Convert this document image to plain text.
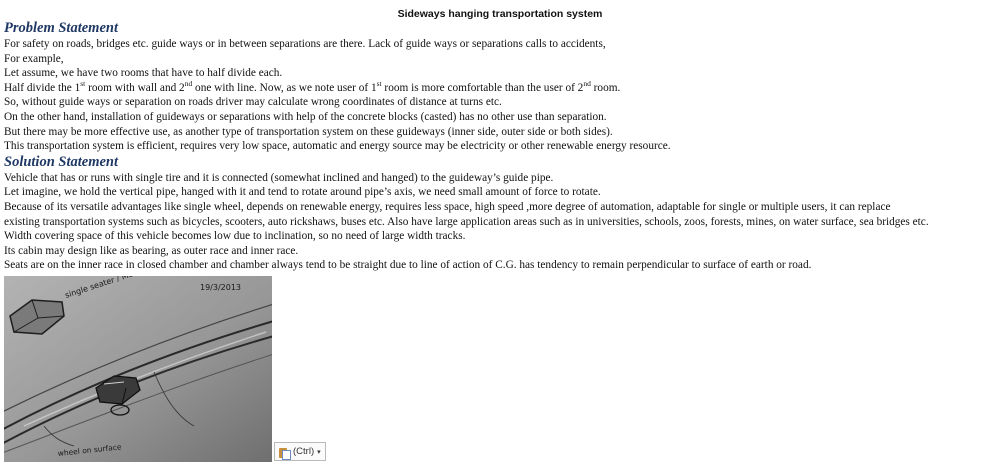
Sideways hanging transportation system
Problem Statement
For safety on roads, bridges etc. guide ways or in between separations are there. Lack of guide ways or separations calls to accidents,
For example,
Let assume, we have two rooms that have to half divide each.
Half divide the 1st room with wall and 2nd one with line. Now, as we note user of 1st room is more comfortable than the user of 2nd room.
So, without guide ways or separation on roads driver may calculate wrong coordinates of distance at turns etc.
On the other hand, installation of guideways or separations with help of the concrete blocks (casted) has no other use than separation.
But there may be more effective use, as another type of transportation system on these guideways (inner side, outer side or both sides).
This transportation system is efficient, requires very low space, automatic and energy source may be electricity or other renewable energy resource.
Solution Statement
Vehicle that has or runs with single tire and it is connected (somewhat inclined and hanged) to the guideway’s guide pipe.
Let imagine, we hold the vertical pipe, hanged with it and tend to rotate around pipe’s axis, we need small amount of force to rotate.
Because of its versatile advantages like single wheel, depends on renewable energy, requires less space, high speed ,more degree of automation, adaptable for single or multiple users, it can replace
existing transportation systems such as bicycles, scooters, auto rickshaws, buses etc. Also have large application areas such as in universities, schools, zoos, forests, mines, on water surface, sea bridges etc.
Width covering space of this vehicle becomes low due to inclination, so no need of large width tracks.
Its cabin may design like as bearing, as outer race and inner race.
Seats are on the inner race in closed chamber and chamber always tend to be straight due to line of action of C.G. has tendency to remain perpendicular to surface of earth or road.
19/3/2013
wheel on surface	(Ctrl) ▾
